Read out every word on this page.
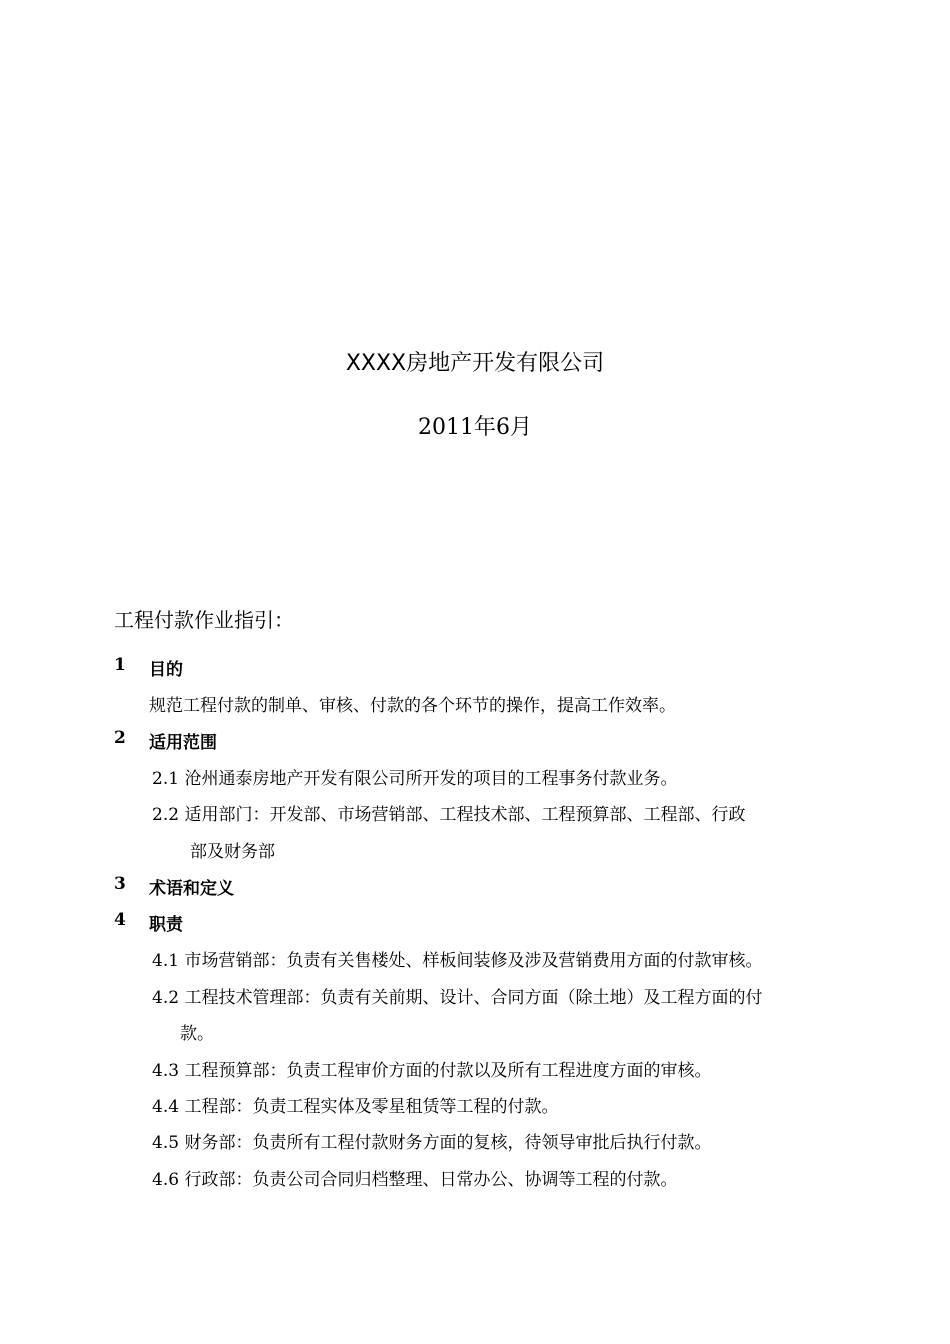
XXXX房地产开发有限公司
2011年6月
工程付款作业指引：
1 目的
规范工程付款的制单、审核、付款的各个环节的操作，提高工作效率。
2 适用范围
2.1 沧州通泰房地产开发有限公司所开发的项目的工程事务付款业务。
2.2 适用部门：开发部、市场营销部、工程技术部、工程预算部、工程部、行政
部及财务部
3 术语和定义
4 职责
4.1 市场营销部：负责有关售楼处、样板间装修及涉及营销费用方面的付款审核。
4.2 工程技术管理部：负责有关前期、设计、合同方面（除土地）及工程方面的付
款。
4.3 工程预算部：负责工程审价方面的付款以及所有工程进度方面的审核。
4.4 工程部：负责工程实体及零星租赁等工程的付款。
4.5 财务部：负责所有工程付款财务方面的复核，待领导审批后执行付款。
4.6 行政部：负责公司合同归档整理、日常办公、协调等工程的付款。
